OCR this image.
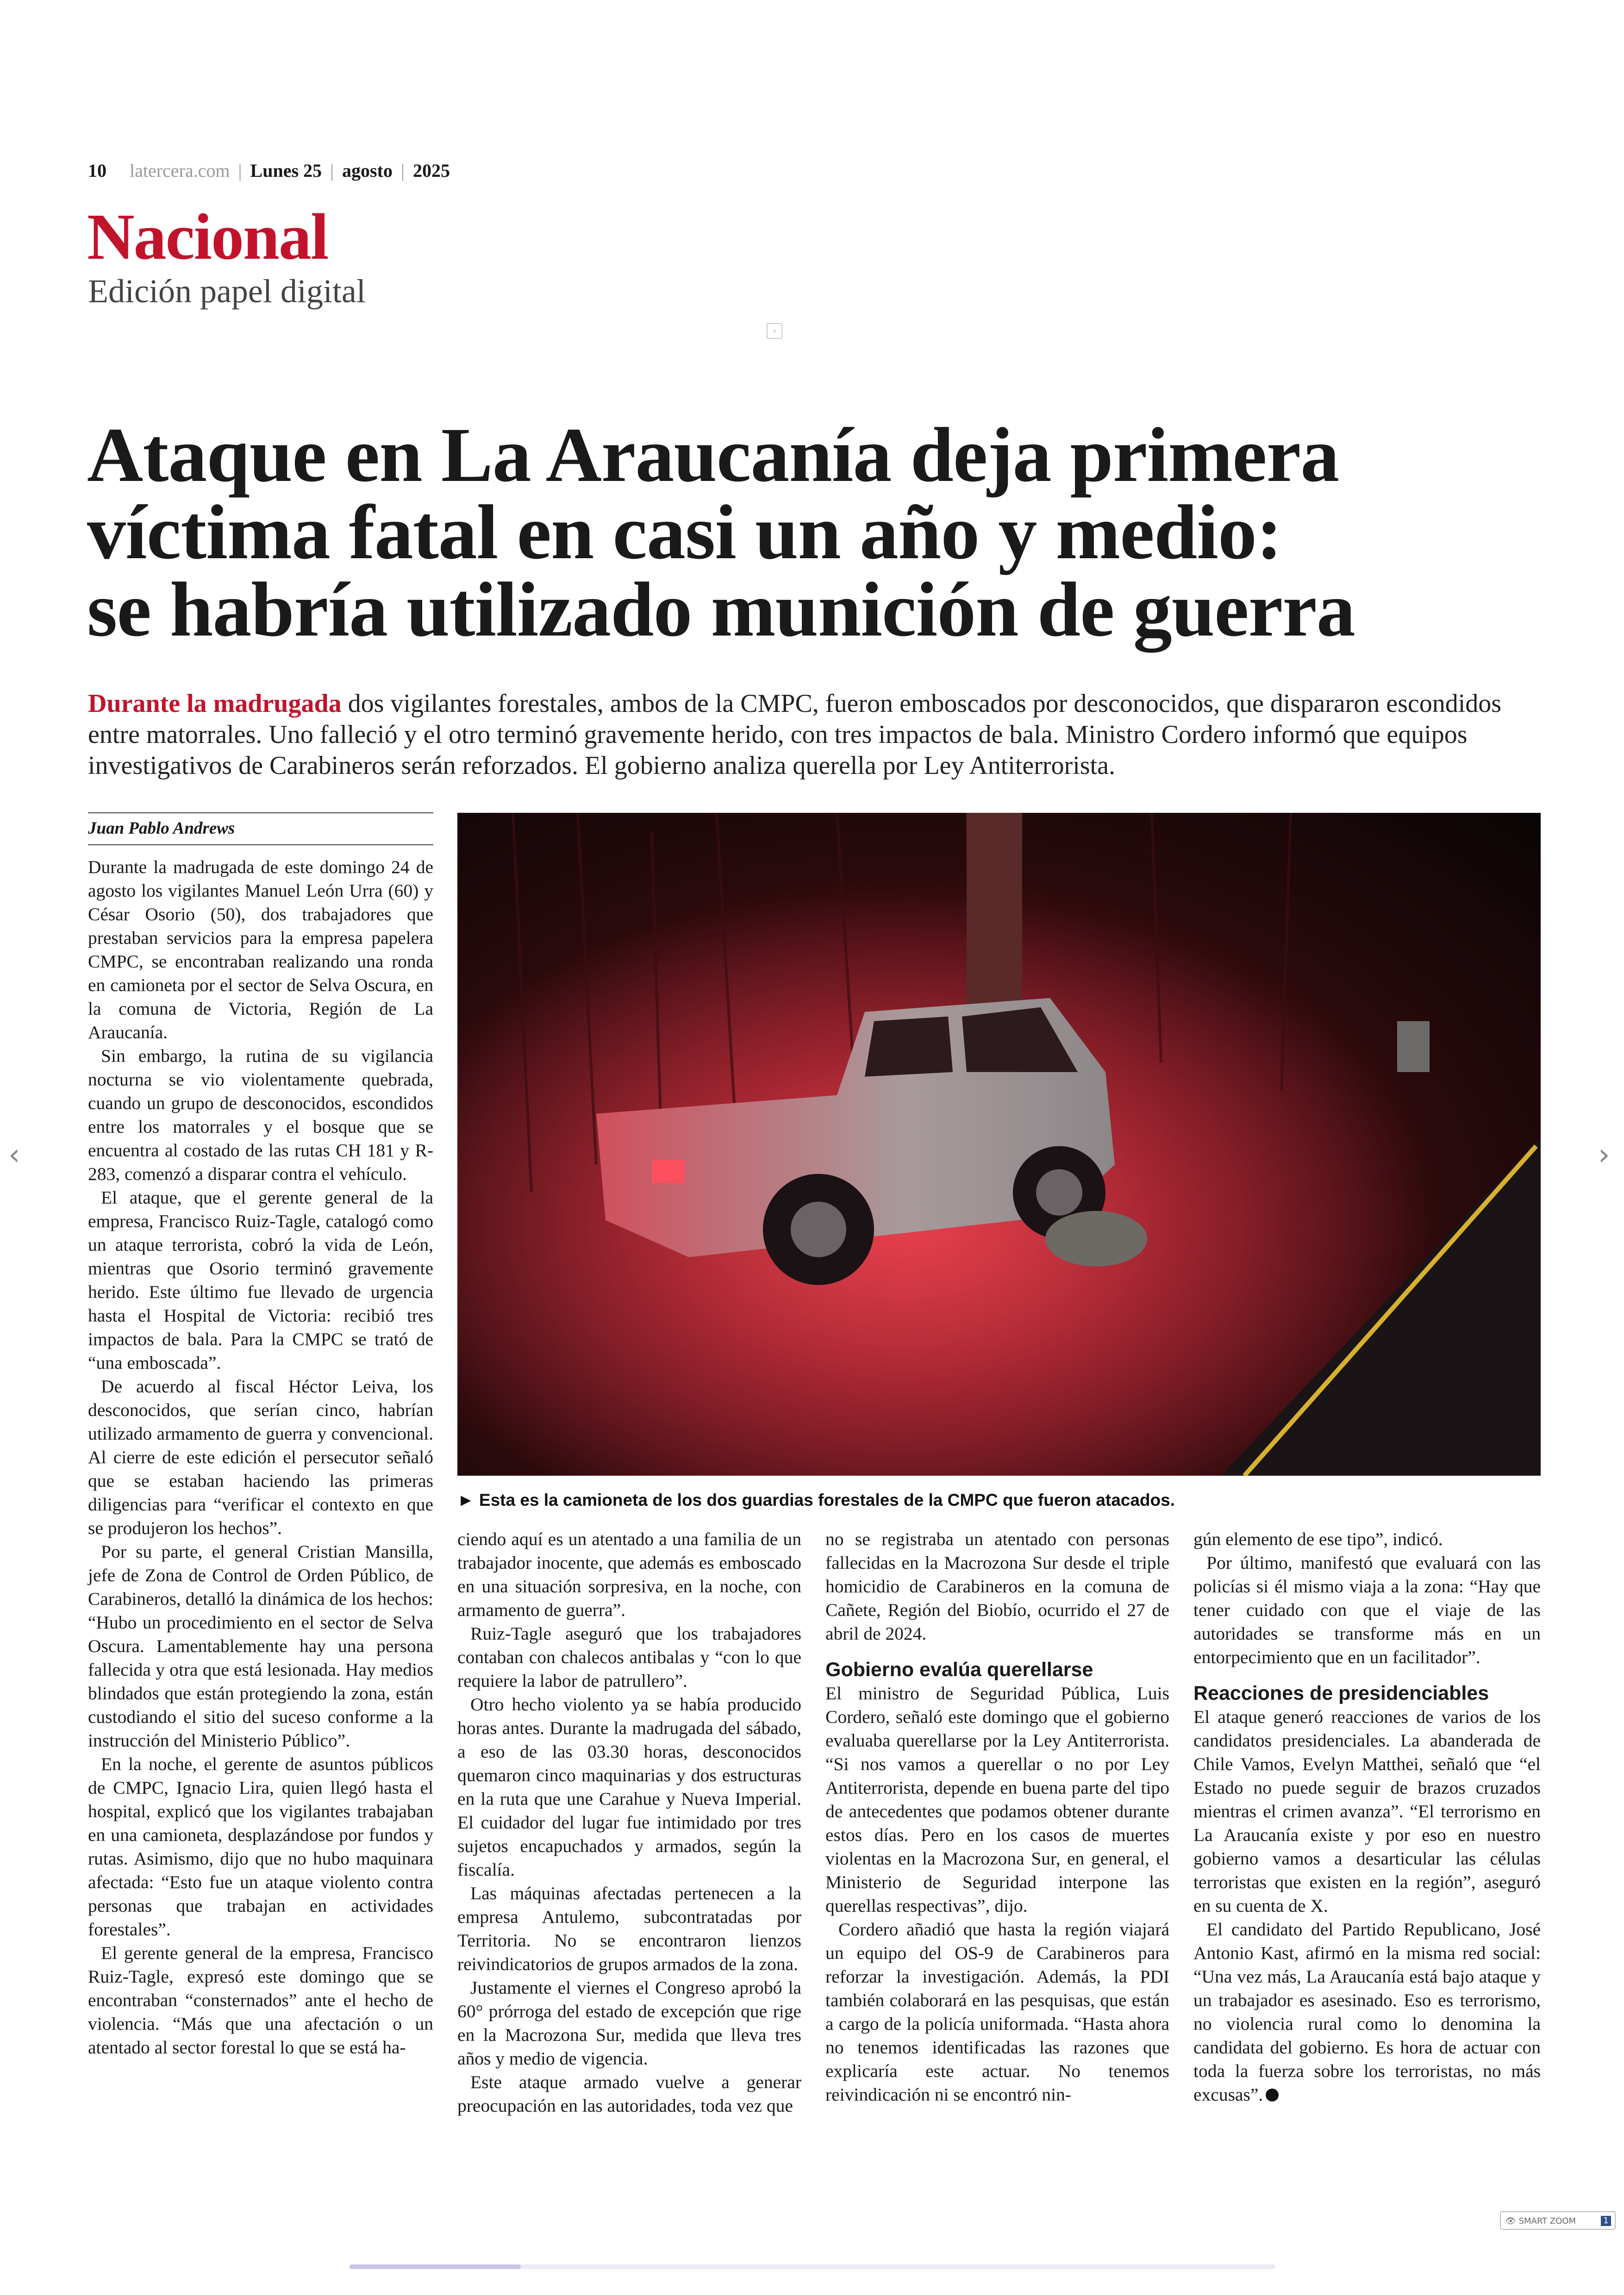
10 latercera.com | Lunes 25 | agosto | 2025
Nacional
Edición papel digital
▫
Ataque en La Araucanía deja primera
víctima fatal en casi un año y medio:
se habría utilizado munición de guerra
Durante la madrugada dos vigilantes forestales, ambos de la CMPC, fueron emboscados por desconocidos, que dispararon escondidos entre matorrales. Uno falleció y el otro terminó gravemente herido, con tres impactos de bala. Ministro Cordero informó que equipos investigativos de Carabineros serán reforzados. El gobierno analiza querella por Ley Antiterrorista.
Juan Pablo Andrews
► Esta es la camioneta de los dos guardias forestales de la CMPC que fueron atacados.

Durante la madrugada de este domingo 24 de agosto los vigilantes Manuel León Urra (60) y César Osorio (50), dos trabajadores que prestaban servicios para la empresa papelera CMPC, se encontraban realizando una ronda en camioneta por el sector de Selva Oscura, en la comuna de Victoria, Región de La Araucanía.

Sin embargo, la rutina de su vigilancia nocturna se vio violentamente quebrada, cuando un grupo de desconocidos, escondidos entre los matorrales y el bosque que se encuentra al costado de las rutas CH 181 y R-283, comenzó a disparar contra el vehículo.

El ataque, que el gerente general de la empresa, Francisco Ruiz-Tagle, catalogó como un ataque terrorista, cobró la vida de León, mientras que Osorio terminó gravemente herido. Este último fue llevado de urgencia hasta el Hospital de Victoria: recibió tres impactos de bala. Para la CMPC se trató de “una emboscada”.

De acuerdo al fiscal Héctor Leiva, los desconocidos, que serían cinco, habrían utilizado armamento de guerra y convencional. Al cierre de este edición el persecutor señaló que se estaban haciendo las primeras diligencias para “verificar el contexto en que se produjeron los hechos”.

Por su parte, el general Cristian Mansilla, jefe de Zona de Control de Orden Público, de Carabineros, detalló la dinámica de los hechos: “Hubo un procedimiento en el sector de Selva Oscura. Lamentablemente hay una persona fallecida y otra que está lesionada. Hay medios blindados que están protegiendo la zona, están custodiando el sitio del suceso conforme a la instrucción del Ministerio Público”.

En la noche, el gerente de asuntos públicos de CMPC, Ignacio Lira, quien llegó hasta el hospital, explicó que los vigilantes trabajaban en una camioneta, desplazándose por fundos y rutas. Asimismo, dijo que no hubo maquinara afectada: “Esto fue un ataque violento contra personas que trabajan en actividades forestales”.

El gerente general de la empresa, Francisco Ruiz-Tagle, expresó este domingo que se encontraban “consternados” ante el hecho de violencia. “Más que una afectación o un atentado al sector forestal lo que se está ha-

ciendo aquí es un atentado a una familia de un trabajador inocente, que además es emboscado en una situación sorpresiva, en la noche, con armamento de guerra”.

Ruiz-Tagle aseguró que los trabajadores contaban con chalecos antibalas y “con lo que requiere la labor de patrullero”.

Otro hecho violento ya se había producido horas antes. Durante la madrugada del sábado, a eso de las 03.30 horas, desconocidos quemaron cinco maquinarias y dos estructuras en la ruta que une Carahue y Nueva Imperial. El cuidador del lugar fue intimidado por tres sujetos encapuchados y armados, según la fiscalía.

Las máquinas afectadas pertenecen a la empresa Antulemo, subcontratadas por Territoria. No se encontraron lienzos reivindicatorios de grupos armados de la zona.

Justamente el viernes el Congreso aprobó la 60° prórroga del estado de excepción que rige en la Macrozona Sur, medida que lleva tres años y medio de vigencia.

Este ataque armado vuelve a generar preocupación en las autoridades, toda vez que

no se registraba un atentado con personas fallecidas en la Macrozona Sur desde el triple homicidio de Carabineros en la comuna de Cañete, Región del Biobío, ocurrido el 27 de abril de 2024.

Gobierno evalúa querellarse

El ministro de Seguridad Pública, Luis Cordero, señaló este domingo que el gobierno evaluaba querellarse por la Ley Antiterrorista. “Si nos vamos a querellar o no por Ley Antiterrorista, depende en buena parte del tipo de antecedentes que podamos obtener durante estos días. Pero en los casos de muertes violentas en la Macrozona Sur, en general, el Ministerio de Seguridad interpone las querellas respectivas”, dijo.

Cordero añadió que hasta la región viajará un equipo del OS-9 de Carabineros para reforzar la investigación. Además, la PDI también colaborará en las pesquisas, que están a cargo de la policía uniformada. “Hasta ahora no tenemos identificadas las razones que explicaría este actuar. No tenemos reivindicación ni se encontró nin-

gún elemento de ese tipo”, indicó.

Por último, manifestó que evaluará con las policías si él mismo viaja a la zona: “Hay que tener cuidado con que el viaje de las autoridades se transforme más en un entorpecimiento que en un facilitador”.

Reacciones de presidenciables

El ataque generó reacciones de varios de los candidatos presidenciales. La abanderada de Chile Vamos, Evelyn Matthei, señaló que “el Estado no puede seguir de brazos cruzados mientras el crimen avanza”. “El terrorismo en La Araucanía existe y por eso en nuestro gobierno vamos a desarticular las células terroristas que existen en la región”, aseguró en su cuenta de X.

El candidato del Partido Republicano, José Antonio Kast, afirmó en la misma red social: “Una vez más, La Araucanía está bajo ataque y un trabajador es asesinado. Eso es terrorismo, no violencia rural como lo denomina la candidata del gobierno. Es hora de actuar con toda la fuerza sobre los terroristas, no más excusas”.

‹	›
👁 SMART ZOOM	1
